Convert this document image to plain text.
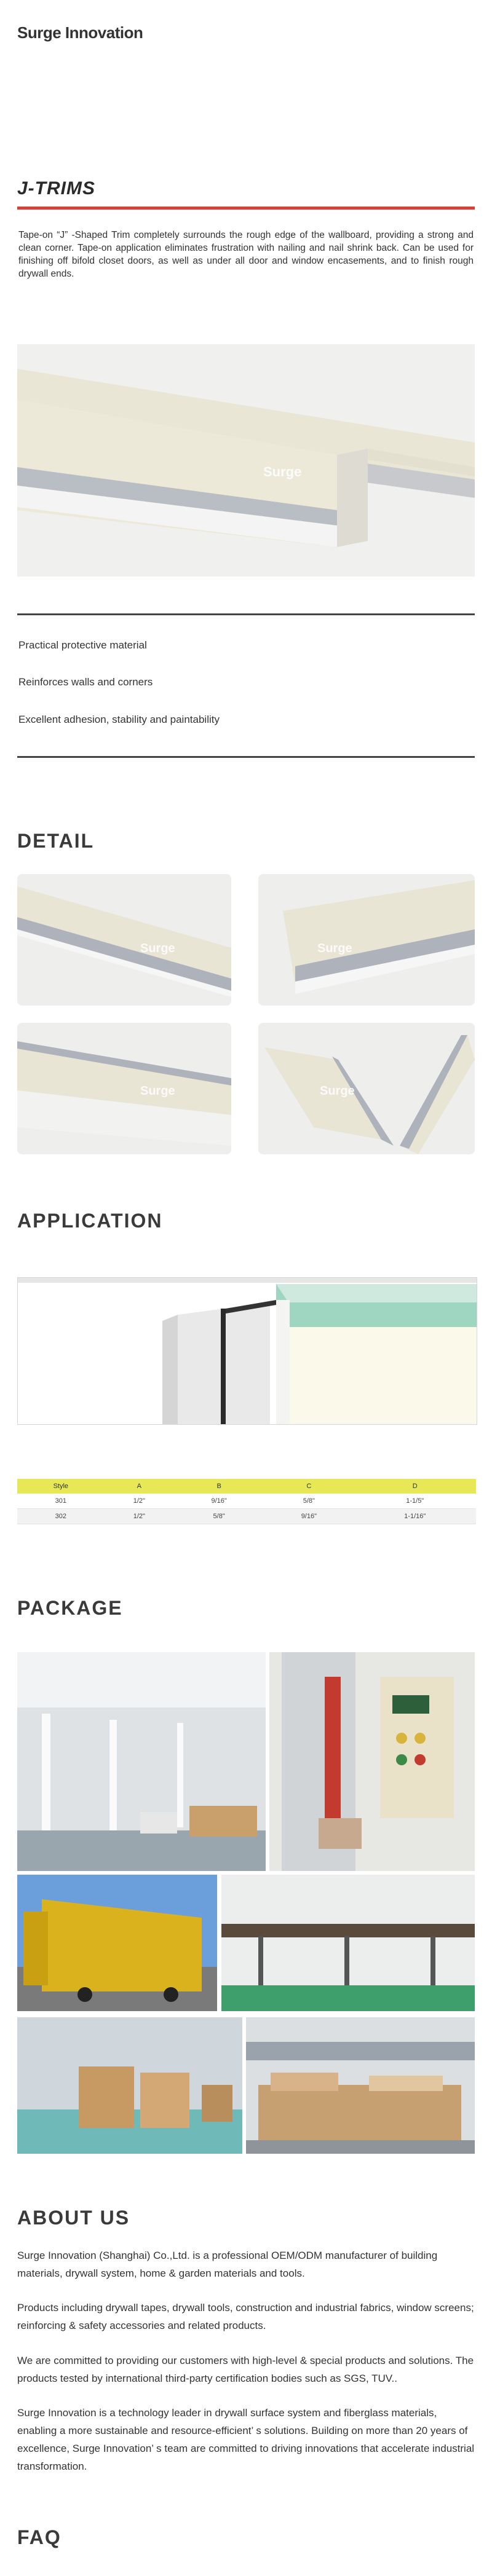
Surge Innovation
J-TRIMS
Tape-on “J” -Shaped Trim completely surrounds the rough edge of the wallboard, providing a strong and clean corner. Tape-on application eliminates frustration with nailing and nail shrink back. Can be used for finishing off bifold closet doors, as well as under all door and window encasements, and to finish rough drywall ends.
Surge
Practical protective material
Reinforces walls and corners
Excellent adhesion, stability and paintability
DETAIL
Surge	Surge
Surge	Surge
APPLICATION
Style	A	B	C	D
301	1/2"	9/16"	5/8"	1-1/5"
302	1/2"	5/8"	9/16"	1-1/16"
PACKAGE
ABOUT US
Surge Innovation (Shanghai) Co.,Ltd. is a professional OEM/ODM manufacturer of building materials, drywall system, home & garden materials and tools.
Products including drywall tapes, drywall tools, construction and industrial fabrics, window screens; reinforcing & safety accessories and related products.
We are committed to providing our customers with high-level & special products and solutions. The products tested by international third-party certification bodies such as SGS, TUV..
Surge Innovation is a technology leader in drywall surface system and fiberglass materials, enabling a more sustainable and resource-efficient’ s solutions. Building on more than 20 years of excellence, Surge Innovation’ s team are committed to driving innovations that accelerate industrial transformation.
FAQ
